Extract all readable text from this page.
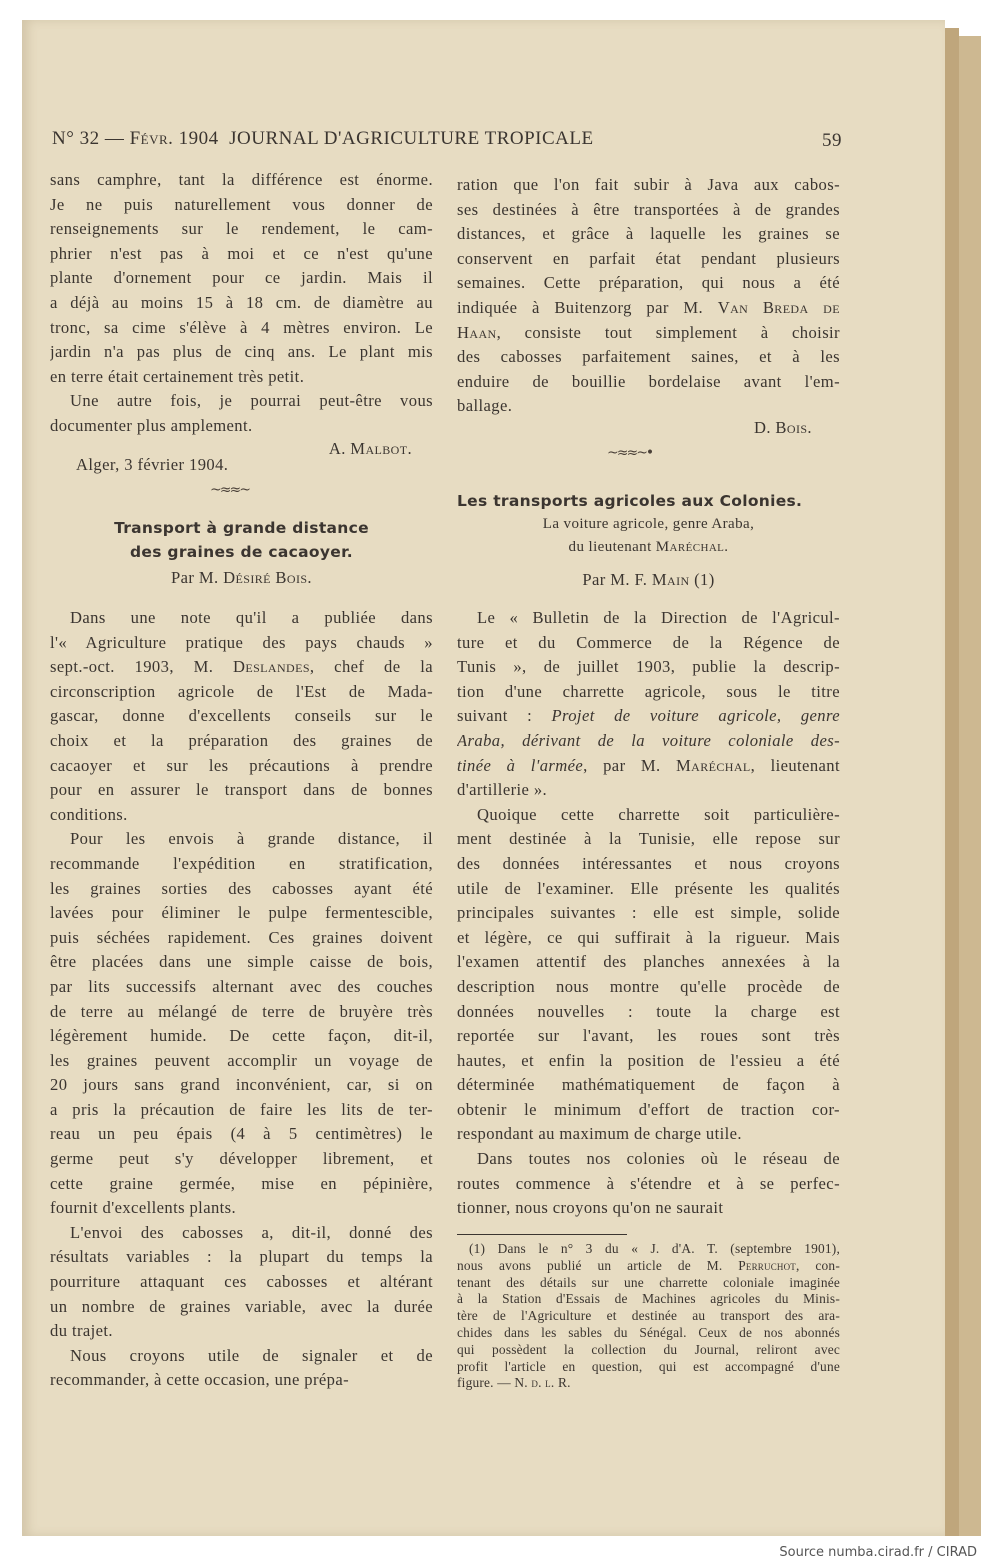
N° 32 — Févr. 1904 JOURNAL D'AGRICULTURE TROPICALE	59
sans camphre, tant la différence est énorme.
Je ne puis naturellement vous donner de
renseignements sur le rendement, le cam-
phrier n'est pas à moi et ce n'est qu'une
plante d'ornement pour ce jardin. Mais il
a déjà au moins 15 à 18 cm. de diamètre au
tronc, sa cime s'élève à 4 mètres environ. Le
jardin n'a pas plus de cinq ans. Le plant mis
en terre était certainement très petit.
Une autre fois, je pourrai peut-être vous
documenter plus amplement.
A. Malbot.
Alger, 3 février 1904.
~≈≈~
Transport à grande distance
des graines de cacaoyer.
Par M. Désiré Bois.
Dans une note qu'il a publiée dans
l'« Agriculture pratique des pays chauds »
sept.-oct. 1903, M. Deslandes, chef de la
circonscription agricole de l'Est de Mada-
gascar, donne d'excellents conseils sur le
choix et la préparation des graines de
cacaoyer et sur les précautions à prendre
pour en assurer le transport dans de bonnes
conditions.
Pour les envois à grande distance, il
recommande l'expédition en stratification,
les graines sorties des cabosses ayant été
lavées pour éliminer le pulpe fermentescible,
puis séchées rapidement. Ces graines doivent
être placées dans une simple caisse de bois,
par lits successifs alternant avec des couches
de terre au mélangé de terre de bruyère très
légèrement humide. De cette façon, dit-il,
les graines peuvent accomplir un voyage de
20 jours sans grand inconvénient, car, si on
a pris la précaution de faire les lits de ter-
reau un peu épais (4 à 5 centimètres) le
germe peut s'y développer librement, et
cette graine germée, mise en pépinière,
fournit d'excellents plants.
L'envoi des cabosses a, dit-il, donné des
résultats variables : la plupart du temps la
pourriture attaquant ces cabosses et altérant
un nombre de graines variable, avec la durée
du trajet.
Nous croyons utile de signaler et de
recommander, à cette occasion, une prépa-
ration que l'on fait subir à Java aux cabos-
ses destinées à être transportées à de grandes
distances, et grâce à laquelle les graines se
conservent en parfait état pendant plusieurs
semaines. Cette préparation, qui nous a été
indiquée à Buitenzorg par M. Van Breda de
Haan, consiste tout simplement à choisir
des cabosses parfaitement saines, et à les
enduire de bouillie bordelaise avant l'em-
ballage.
D. Bois.
~≈≈~•
Les transports agricoles aux Colonies.
La voiture agricole, genre Araba,
du lieutenant Maréchal.
Par M. F. Main (1)
Le « Bulletin de la Direction de l'Agricul-
ture et du Commerce de la Régence de
Tunis », de juillet 1903, publie la descrip-
tion d'une charrette agricole, sous le titre
suivant : Projet de voiture agricole, genre
Araba, dérivant de la voiture coloniale des-
tinée à l'armée, par M. Maréchal, lieutenant
d'artillerie ».
Quoique cette charrette soit particulière-
ment destinée à la Tunisie, elle repose sur
des données intéressantes et nous croyons
utile de l'examiner. Elle présente les qualités
principales suivantes : elle est simple, solide
et légère, ce qui suffirait à la rigueur. Mais
l'examen attentif des planches annexées à la
description nous montre qu'elle procède de
données nouvelles : toute la charge est
reportée sur l'avant, les roues sont très
hautes, et enfin la position de l'essieu a été
déterminée mathématiquement de façon à
obtenir le minimum d'effort de traction cor-
respondant au maximum de charge utile.
Dans toutes nos colonies où le réseau de
routes commence à s'étendre et à se perfec-
tionner, nous croyons qu'on ne saurait
(1) Dans le n° 3 du « J. d'A. T. (septembre 1901),
nous avons publié un article de M. Perruchot, con-
tenant des détails sur une charrette coloniale imaginée
à la Station d'Essais de Machines agricoles du Minis-
tère de l'Agriculture et destinée au transport des ara-
chides dans les sables du Sénégal. Ceux de nos abonnés
qui possèdent la collection du Journal, reliront avec
profit l'article en question, qui est accompagné d'une
figure. — N. d. l. R.
Source numba.cirad.fr / CIRAD
